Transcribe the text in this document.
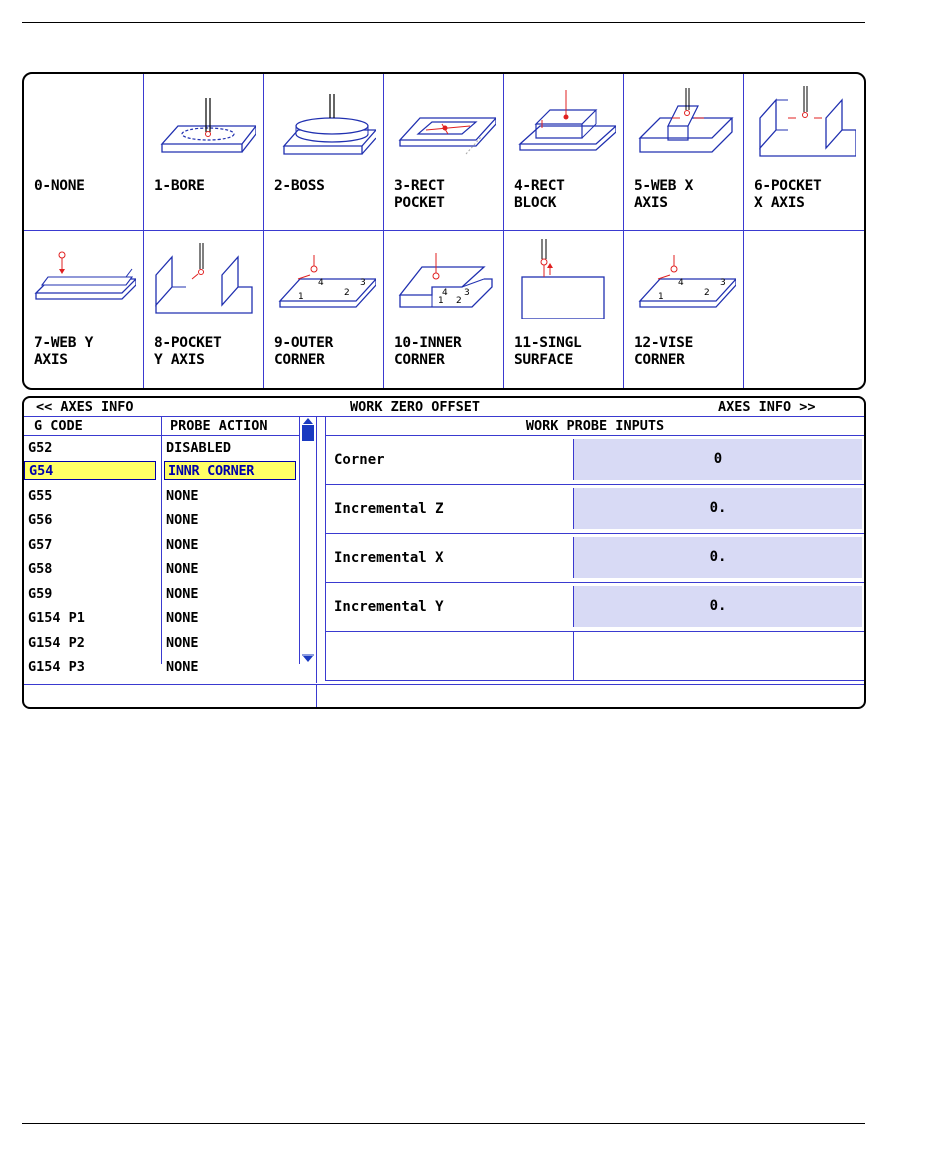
0-NONE	1-BORE	2-BOSS	3-RECT
POCKET
4-RECT
BLOCK
5-WEB X
AXIS
6-POCKET
X AXIS
7-WEB Y
AXIS
8-POCKET
Y AXIS
1
4
2
3
9-OUTER
CORNER
1
4
2
3
10-INNER
CORNER
11-SINGL
SURFACE
1
4
2
3
12-VISE
CORNER
<< AXES INFO	WORK ZERO OFFSET	AXES INFO >>
G CODE	PROBE ACTION
G52	DISABLED
G54	INNR CORNER
G55	NONE
G56	NONE
G57	NONE
G58	NONE
G59	NONE
G154 P1	NONE
G154 P2	NONE
G154 P3	NONE
WORK PROBE INPUTS
Corner	0
Incremental Z	0.
Incremental X	0.
Incremental Y	0.
